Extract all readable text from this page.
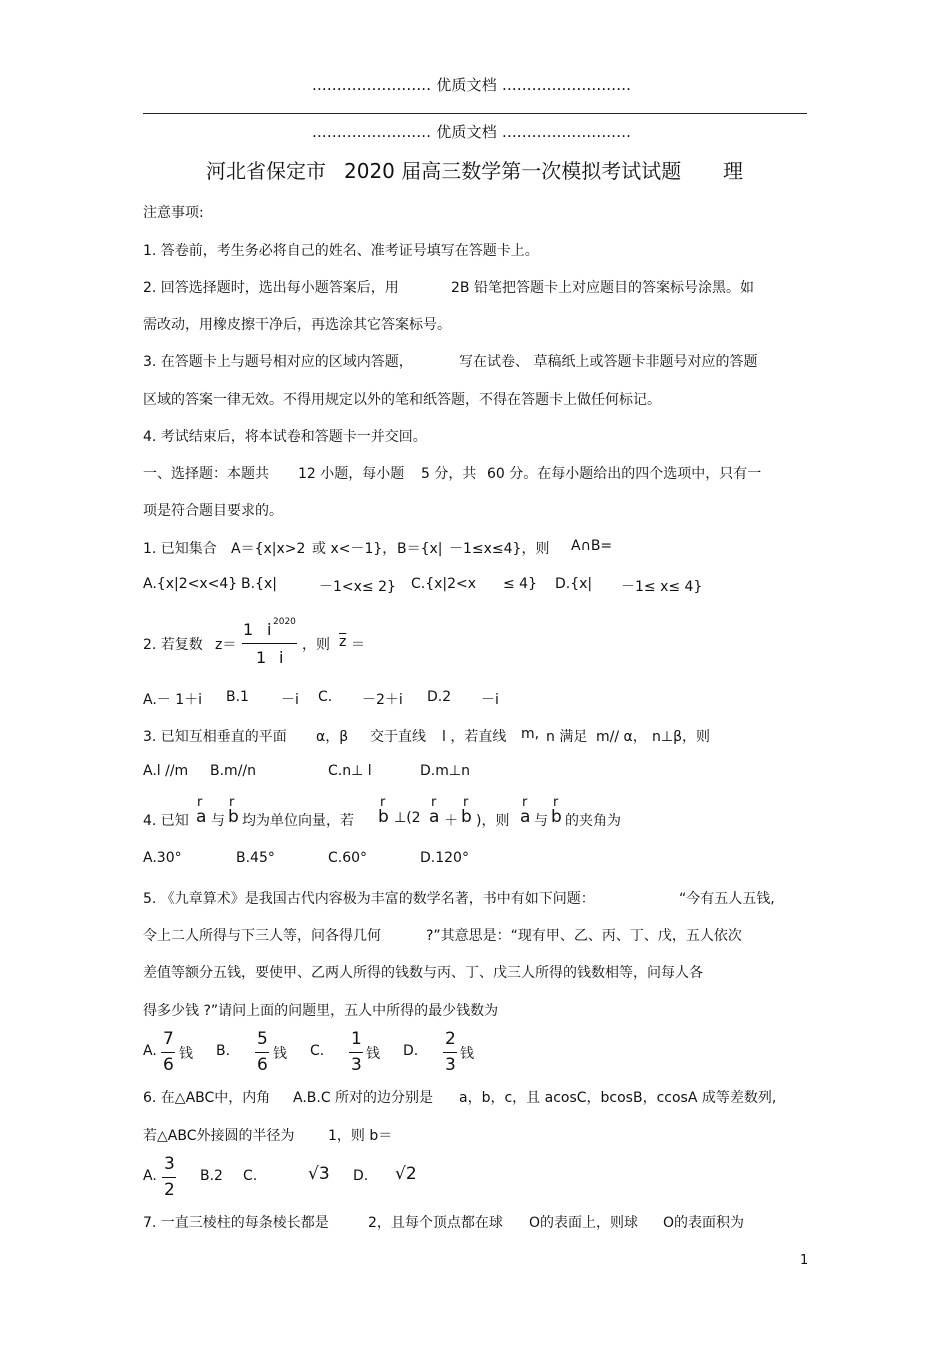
........................ 优质文档 ..........................
........................ 优质文档 ..........................
河北省保定市 2020 届高三数学第一次模拟考试试题 理
注意事项:
1. 答卷前，考生务必将自己的姓名、准考证号填写在答题卡上。
2. 回答选择题时，选出每小题答案后，用	2B 铅笔把答题卡上对应题目的答案标号涂黑。如
需改动，用橡皮擦干净后，再选涂其它答案标号。
3. 在答题卡上与题号相对应的区域内答题，	写在试卷、 草稿纸上或答题卡非题号对应的答题
区域的答案一律无效。不得用规定以外的笔和纸答题，不得在答题卡上做任何标记。
4. 考试结束后，将本试卷和答题卡一并交回。
一、选择题：本题共 12 小题，每小题 5 分，共 60 分。在每小题给出的四个选项中，只有一
项是符合题目要求的。
1. 已知集合 A＝{x|x>2 或 x<－1}， B＝{x| －1≤x≤4}，则 A∩B=
A.{x|2<x<4} B.{x|	－1<x≤ 2} C.{x|2<x ≤ 4} D.{x| －1≤ x≤ 4}
2. 若复数 z＝
1 i 2020
1 i
，则 $\overline{z}$ ＝
A.－ 1＋i B.1 －i C. －2＋i D.2 －i
3. 已知互相垂直的平面 α，β 交于直线 l ，若直线 m, n 满足 m// α， n⊥β，则
A.l //m B.m//n	C.n⊥ l	D.m⊥n
4. 已知
r
a 与
r
b 均为单位向量，若
r
b ⊥(2
r
a ＋
r
b )，则
r
a 与
r
b 的夹角为
A.30°	B.45°	C.60°	D.120°
5. 《九章算术》是我国古代内容极为丰富的数学名著，书中有如下问题：	“今有五人五钱,
令上二人所得与下三人等，问各得几何	?”其意思是：“现有甲、乙、丙、丁、戊，五人依次
差值等额分五钱，要使甲、乙两人所得的钱数与丙、丁、戊三人所得的钱数相等，问每人各
得多少钱 ?”请问上面的问题里，五人中所得的最少钱数为
A.
7
6
钱 B.
5
6
钱 C.
1
3
钱 D.
2
3
钱
6. 在△ABC中，内角 A.B.C 所对的边分别是 a，b，c，且 acosC，bcosB，ccosA 成等差数列,
若△ABC外接圆的半径为 1，则 b＝
A.
3
2
B.2 C.	√3 D. √2
7. 一直三棱柱的每条棱长都是	2，且每个顶点都在球 O的表面上，则球 O的表面积为
1
